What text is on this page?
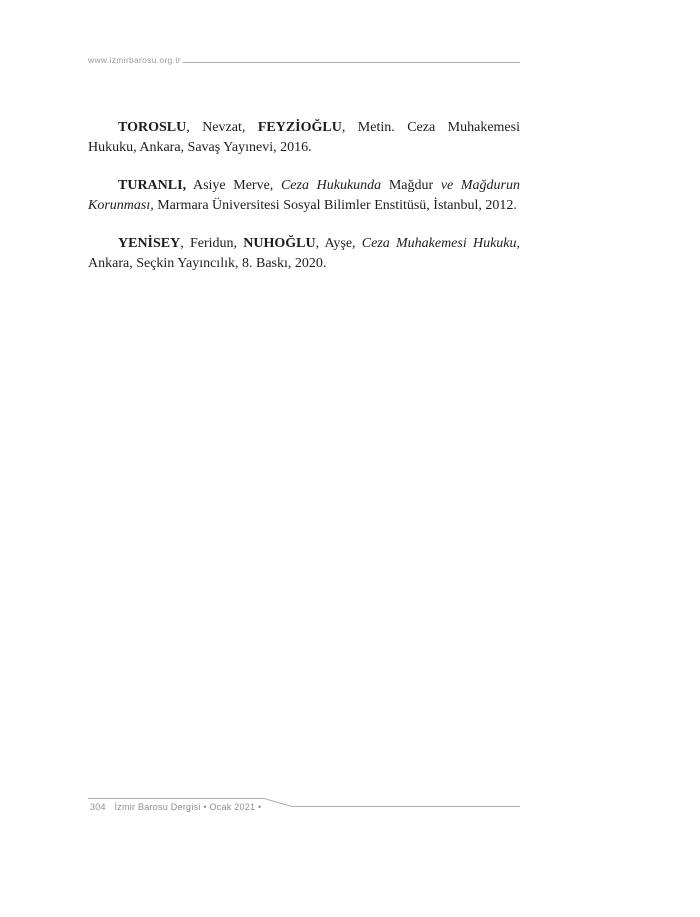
www.izmirbarosu.org.tr

TOROSLU, Nevzat, FEYZİOĞLU, Metin. Ceza Muhakemesi Hukuku, Ankara, Savaş Yayınevi, 2016.

TURANLI, Asiye Merve, Ceza Hukukunda Mağdur ve Mağdurun Korunması, Marmara Üniversitesi Sosyal Bilimler Enstitüsü, İstanbul, 2012.

YENİSEY, Feridun, NUHOĞLU, Ayşe, Ceza Muhakemesi Hukuku, Ankara, Seçkin Yayıncılık, 8. Baskı, 2020.

304 İzmir Barosu Dergisi • Ocak 2021 •
